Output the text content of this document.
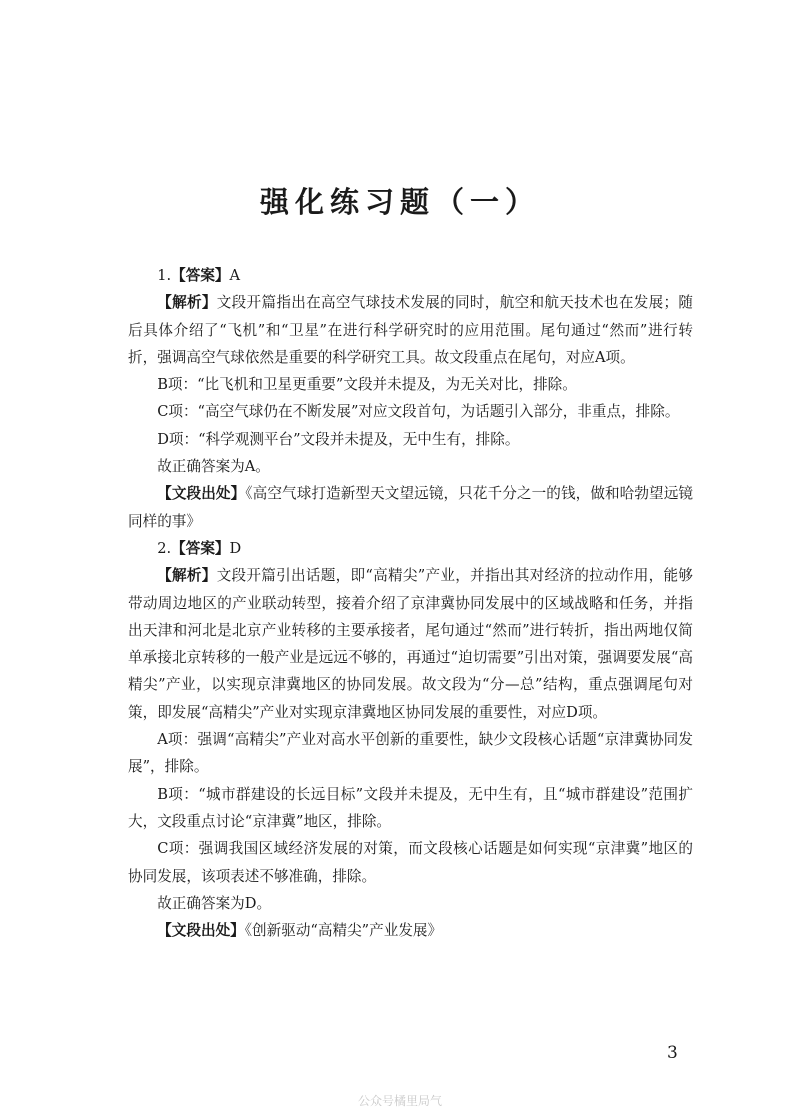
强化练习题（一）

1.【答案】A

【解析】文段开篇指出在高空气球技术发展的同时，航空和航天技术也在发展；随后具体介绍了“飞机”和“卫星”在进行科学研究时的应用范围。尾句通过“然而”进行转折，强调高空气球依然是重要的科学研究工具。故文段重点在尾句，对应A项。

B项：“比飞机和卫星更重要”文段并未提及，为无关对比，排除。

C项：“高空气球仍在不断发展”对应文段首句，为话题引入部分，非重点，排除。

D项：“科学观测平台”文段并未提及，无中生有，排除。

故正确答案为A。

【文段出处】《高空气球打造新型天文望远镜，只花千分之一的钱，做和哈勃望远镜同样的事》

2.【答案】D

【解析】文段开篇引出话题，即“高精尖”产业，并指出其对经济的拉动作用，能够带动周边地区的产业联动转型，接着介绍了京津冀协同发展中的区域战略和任务，并指出天津和河北是北京产业转移的主要承接者，尾句通过“然而”进行转折，指出两地仅简单承接北京转移的一般产业是远远不够的，再通过“迫切需要”引出对策，强调要发展“高精尖”产业，以实现京津冀地区的协同发展。故文段为“分—总”结构，重点强调尾句对策，即发展“高精尖”产业对实现京津冀地区协同发展的重要性，对应D项。

A项：强调“高精尖”产业对高水平创新的重要性，缺少文段核心话题“京津冀协同发展”，排除。

B项：“城市群建设的长远目标”文段并未提及，无中生有，且“城市群建设”范围扩大，文段重点讨论“京津冀”地区，排除。

C项：强调我国区域经济发展的对策，而文段核心话题是如何实现“京津冀”地区的协同发展，该项表述不够准确，排除。

故正确答案为D。

【文段出处】《创新驱动“高精尖”产业发展》

3
公众号橘里局气
